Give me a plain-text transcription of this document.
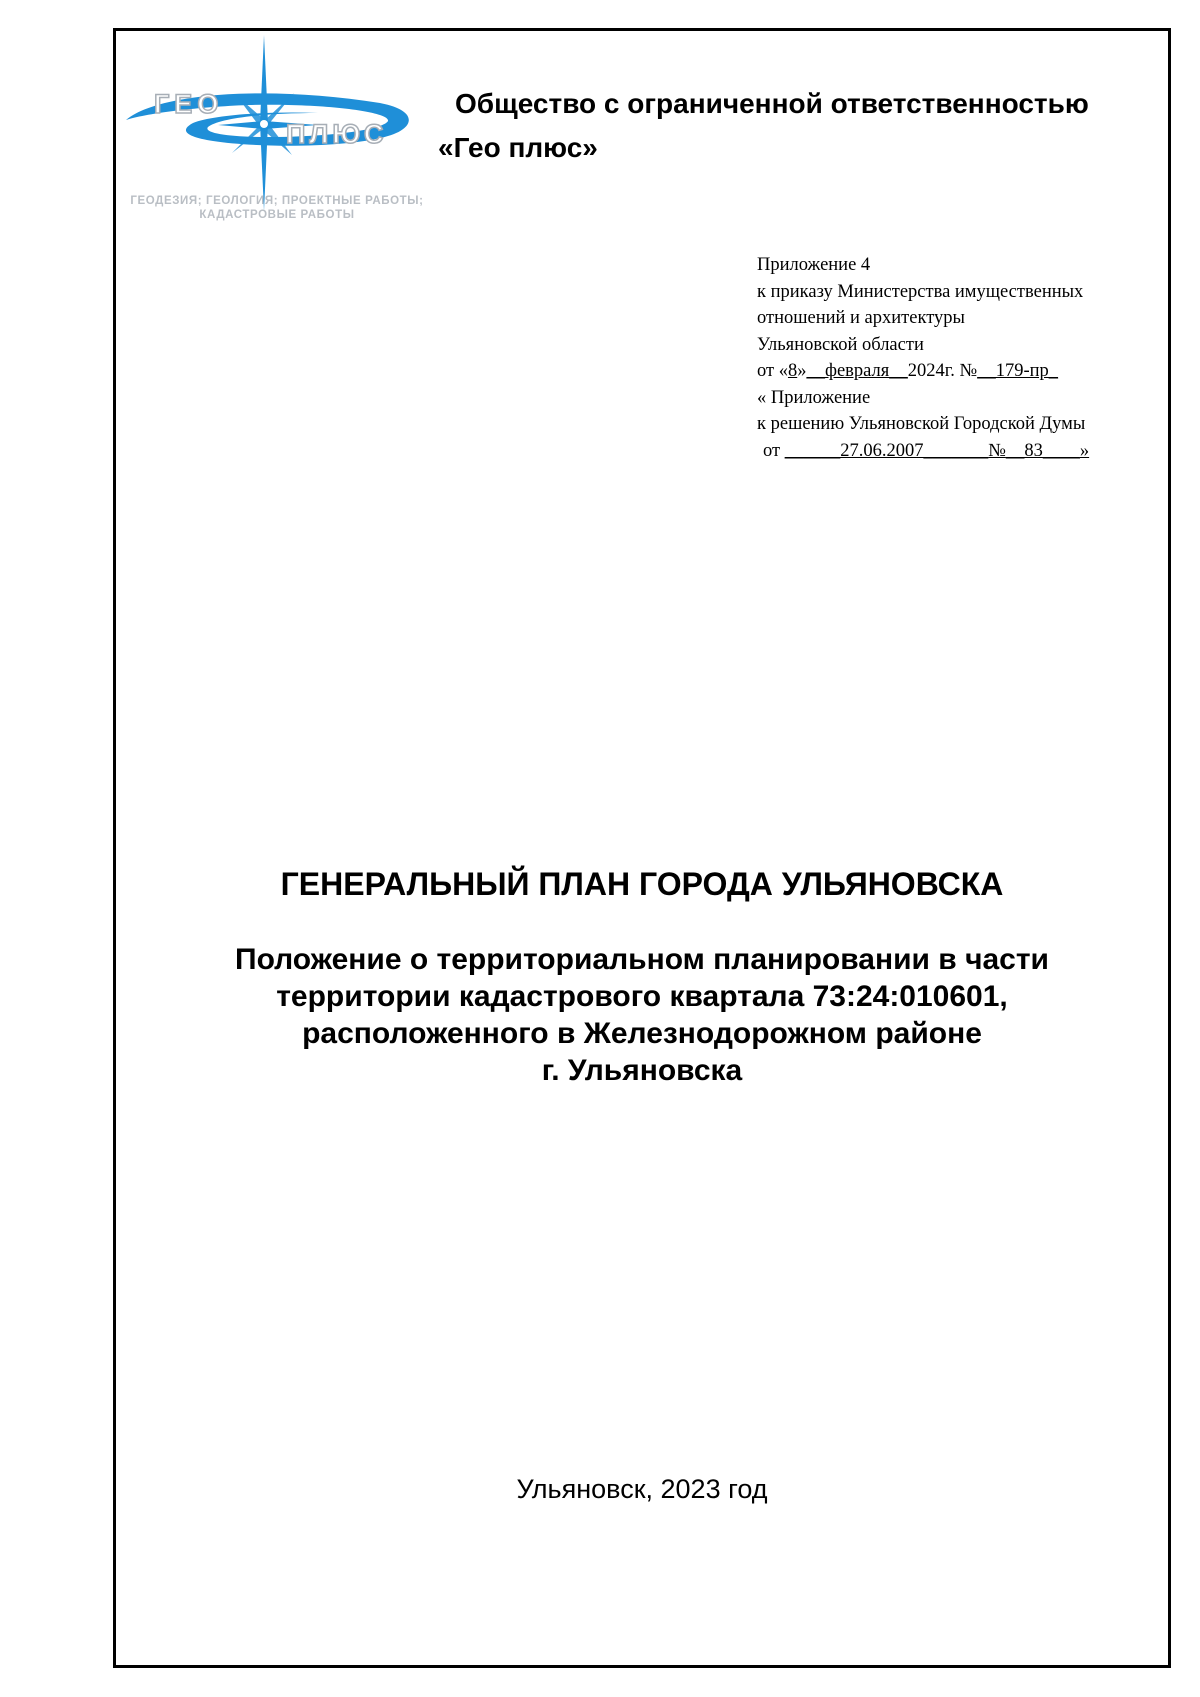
ГЕО
ПЛЮС
ГЕОДЕЗИЯ; ГЕОЛОГИЯ; ПРОЕКТНЫЕ РАБОТЫ;
КАДАСТРОВЫЕ РАБОТЫ
Общество с ограниченной ответственностью
«Гео плюс»
Приложение 4
к приказу Министерства имущественных
отношений и архитектуры
Ульяновской области
от «8»__февраля__2024г. №__179-пр_
« Приложение
к решению Ульяновской Городской Думы
от ______27.06.2007_______№__83____»
ГЕНЕРАЛЬНЫЙ ПЛАН ГОРОДА УЛЬЯНОВСКА
Положение о территориальном планировании в части
территории кадастрового квартала 73:24:010601,
расположенного в Железнодорожном районе
г. Ульяновска
Ульяновск, 2023 год
